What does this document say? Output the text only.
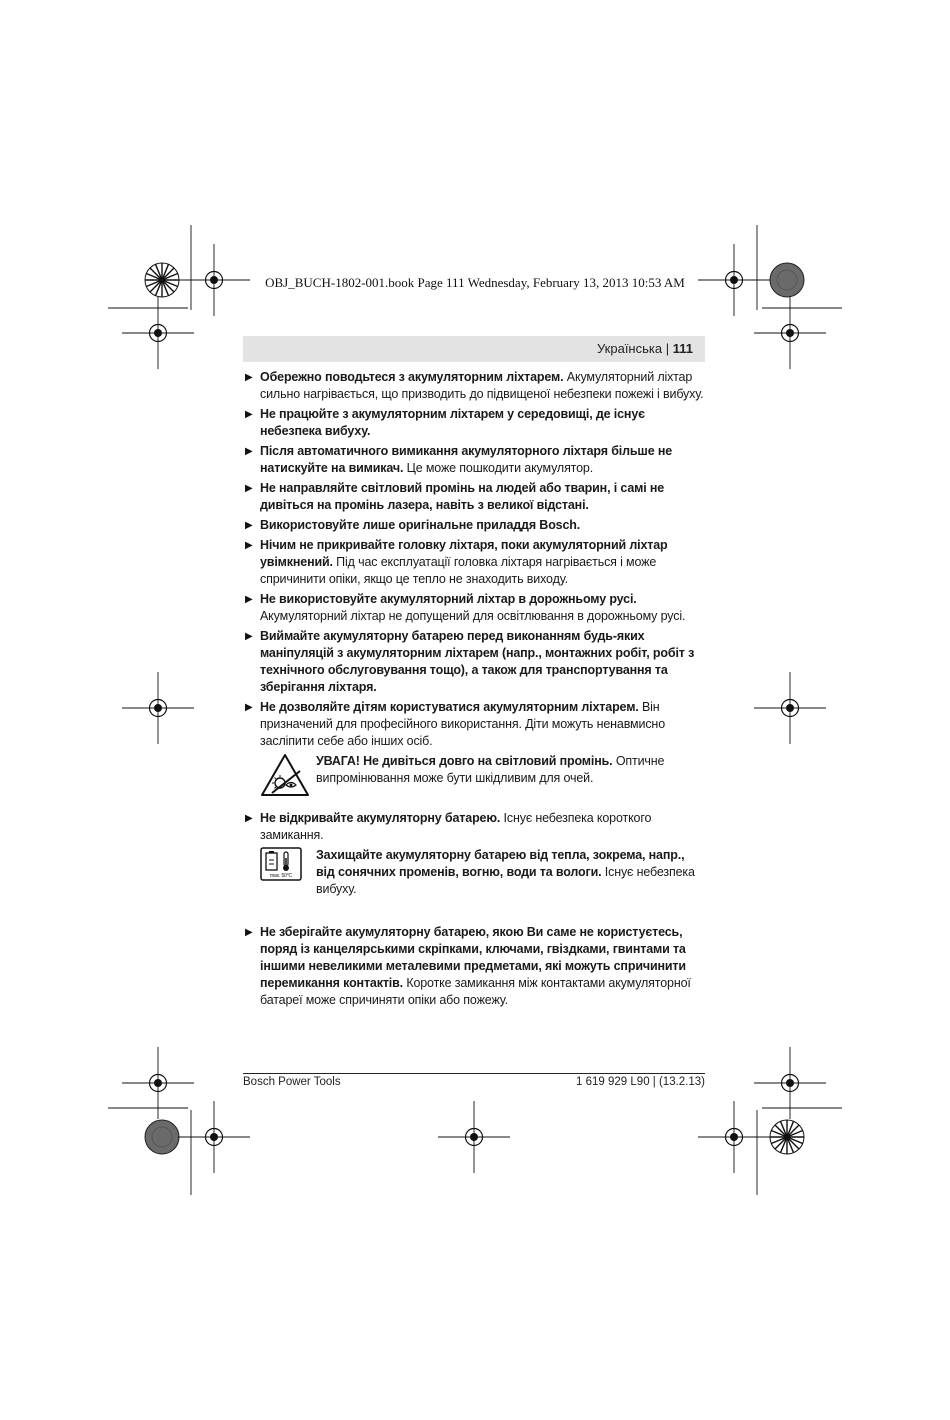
OBJ_BUCH-1802-001.book Page 111 Wednesday, February 13, 2013 10:53 AM
Українська | 111
▶ Обережно поводьтеся з акумуляторним ліхтарем. Акумуляторний ліхтар сильно нагрівається, що призводить до підвищеної небезпеки пожежі і вибуху.
▶ Не працюйте з акумуляторним ліхтарем у середовищі, де існує небезпека вибуху.
▶ Після автоматичного вимикання акумуляторного ліхтаря більше не натискуйте на вимикач. Це може пошкодити акумулятор.
▶ Не направляйте світловий промінь на людей або тварин, і самі не дивіться на промінь лазера, навіть з великої відстані.
▶ Використовуйте лише оригінальне приладдя Bosch.
▶ Нічим не прикривайте головку ліхтаря, поки акумуляторний ліхтар увімкнений. Під час експлуатації головка ліхтаря нагрівається і може спричинити опіки, якщо це тепло не знаходить виходу.
▶ Не використовуйте акумуляторний ліхтар в дорожньому русі. Акумуляторний ліхтар не допущений для освітлювання в дорожньому русі.
▶ Виймайте акумуляторну батарею перед виконанням будь-яких маніпуляцій з акумуляторним ліхтарем (напр., монтажних робіт, робіт з технічного обслуговування тощо), а також для транспортування та зберігання ліхтаря.
▶ Не дозволяйте дітям користуватися акумуляторним ліхтарем. Він призначений для професійного використання. Діти можуть ненавмисно засліпити себе або інших осіб.
УВАГА! Не дивіться довго на світловий промінь. Оптичне випромінювання може бути шкідливим для очей.
▶ Не відкривайте акумуляторну батарею. Існує небезпека короткого замикання.
max. 50°C
Захищайте акумуляторну батарею від тепла, зокрема, напр., від сонячних променів, вогню, води та вологи. Існує небезпека вибуху.
▶ Не зберігайте акумуляторну батарею, якою Ви саме не користуєтесь, поряд із канцелярськими скріпками, ключами, гвіздками, гвинтами та іншими невеликими металевими предметами, які можуть спричинити перемикання контактів. Коротке замикання між контактами акумуляторної батареї може спричиняти опіки або пожежу.
Bosch Power Tools	1 619 929 L90 | (13.2.13)
